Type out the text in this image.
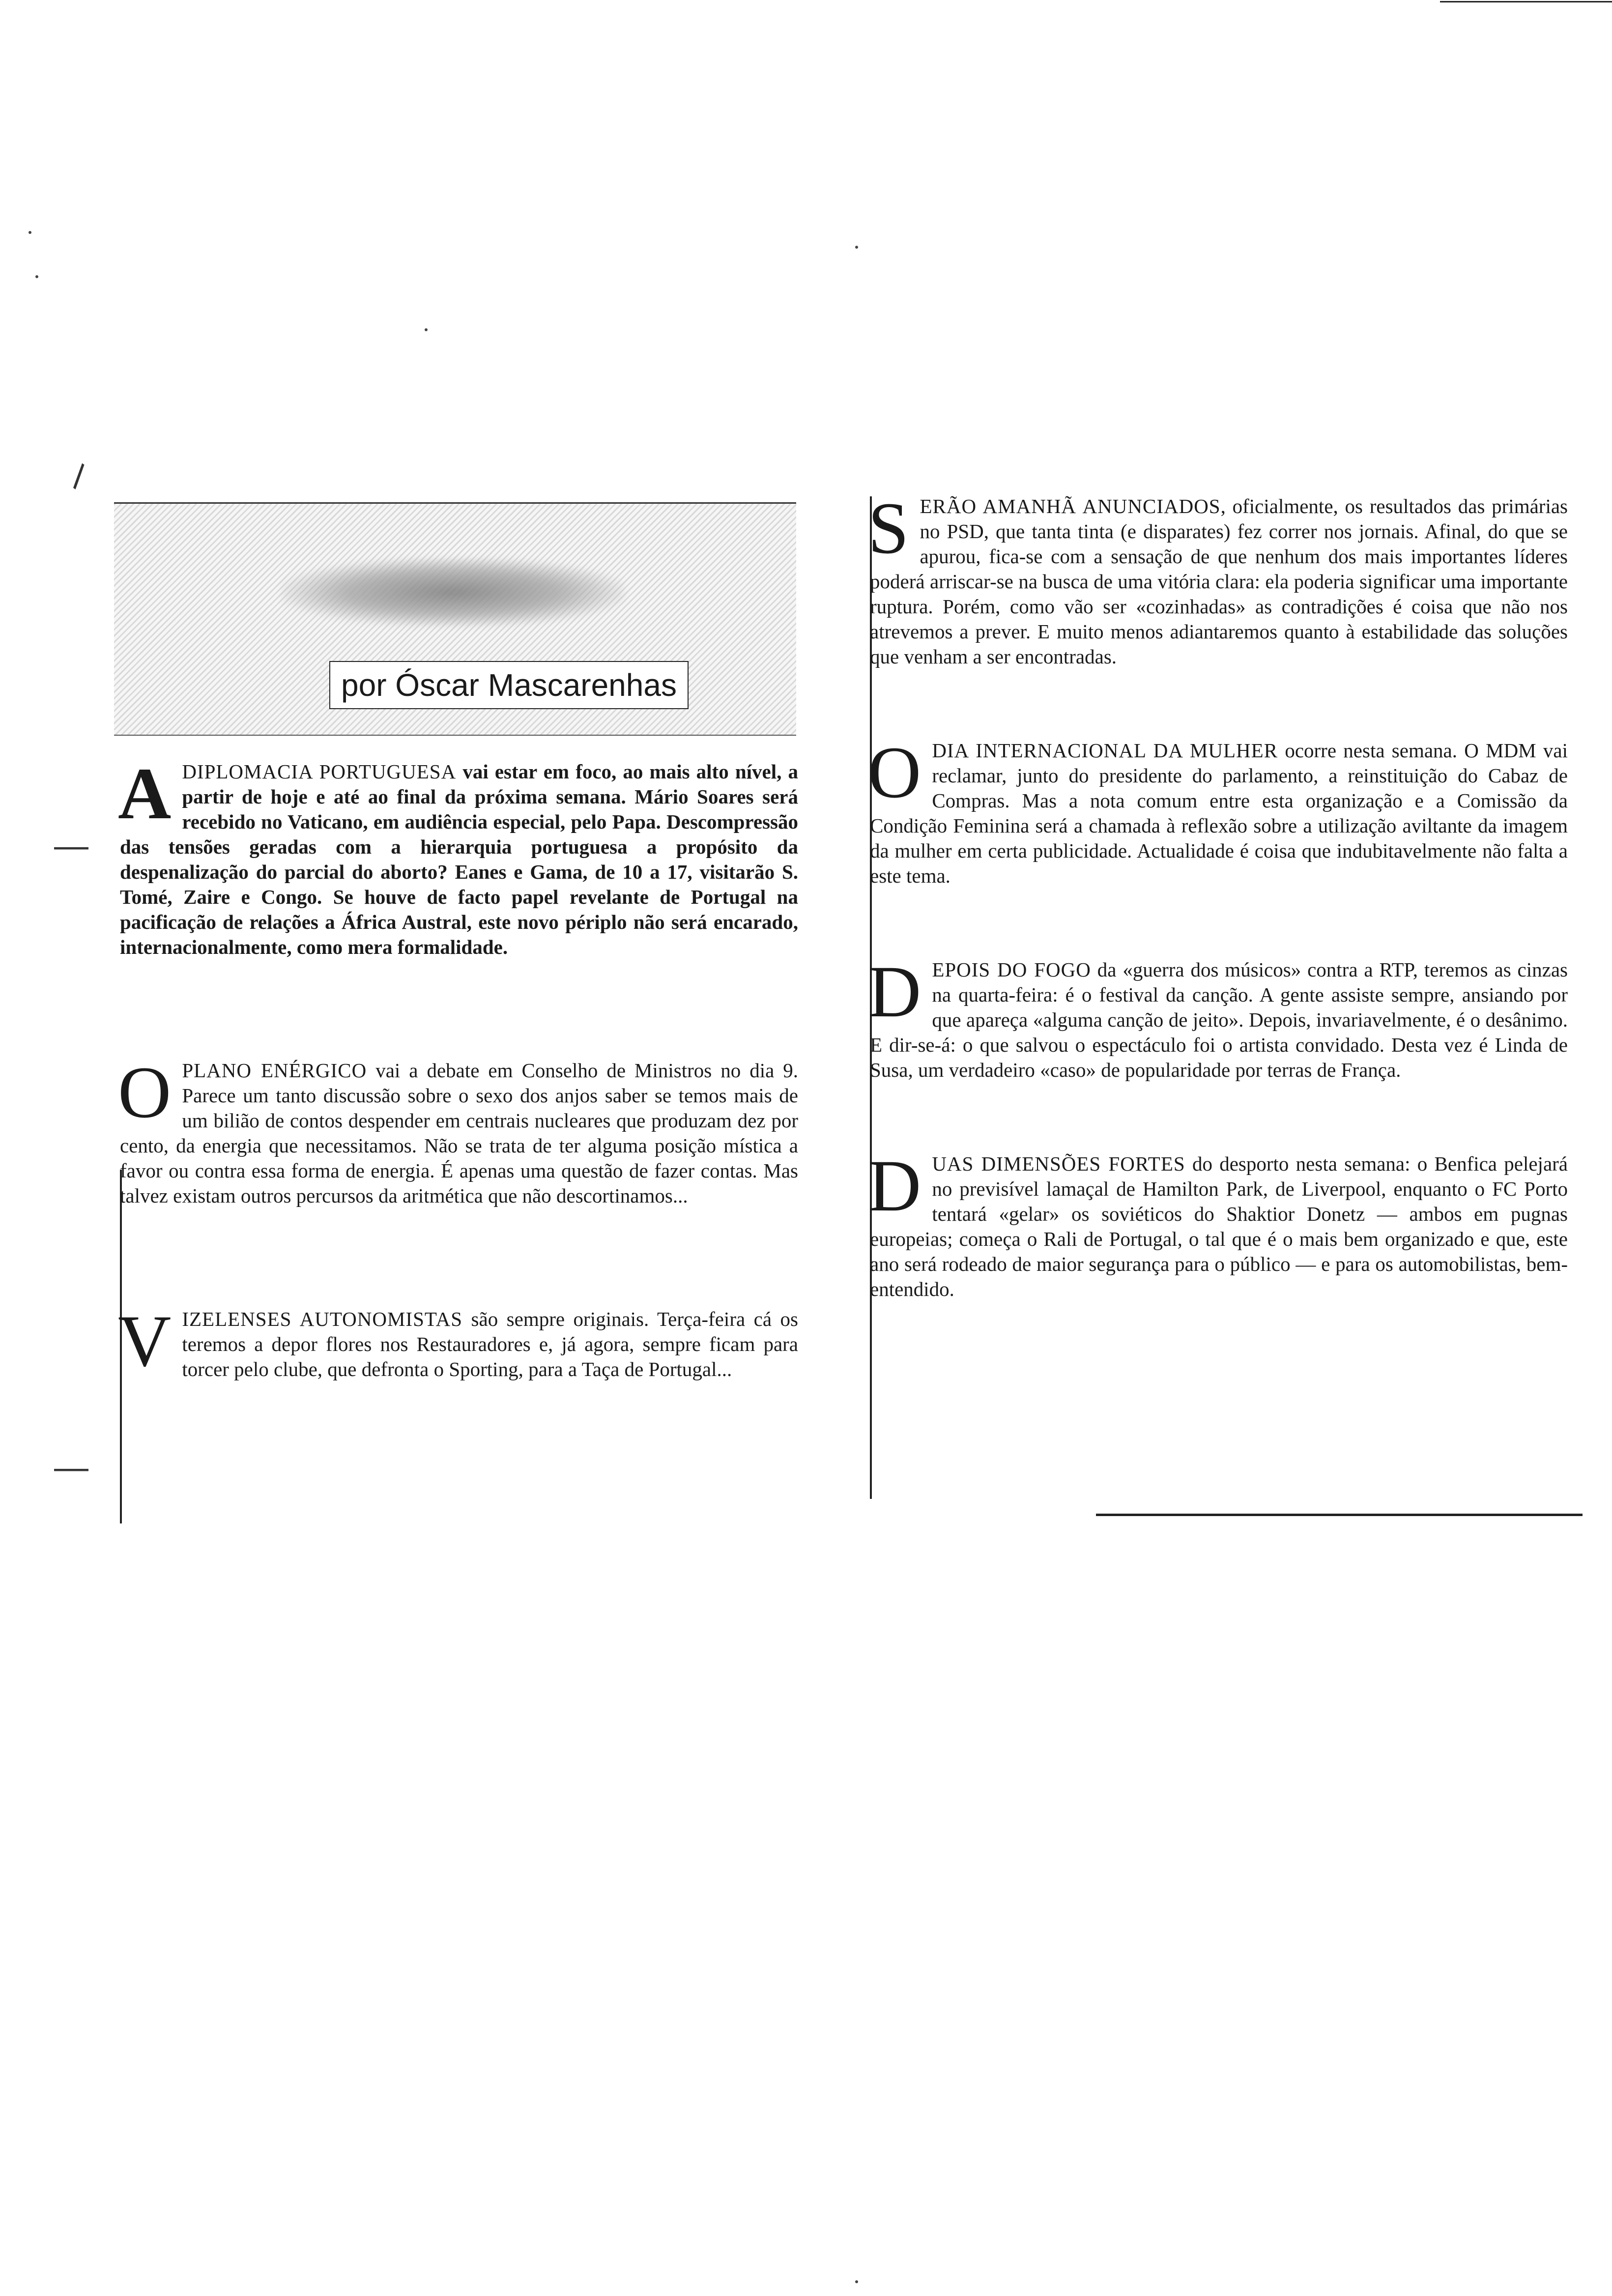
\
—
—
por Óscar Mascarenhas
A DIPLOMACIA PORTUGUESA vai estar em foco, ao mais alto nível, a partir de hoje e até ao final da próxima semana. Mário Soares será recebido no Vaticano, em audiência especial, pelo Papa. Descompressão das tensões geradas com a hierarquia portuguesa a propósito da despenalização do parcial do aborto? Eanes e Gama, de 10 a 17, visitarão S. Tomé, Zaire e Congo. Se houve de facto papel revelante de Portugal na pacificação de relações a África Austral, este novo périplo não será encarado, internacionalmente, como mera formalidade.

O PLANO ENÉRGICO vai a debate em Conselho de Ministros no dia 9. Parece um tanto discussão sobre o sexo dos anjos saber se temos mais de um bilião de contos despender em centrais nucleares que produzam dez por cento, da energia que necessitamos. Não se trata de ter alguma posição mística a favor ou contra essa forma de energia. É apenas uma questão de fazer contas. Mas talvez existam outros percursos da aritmética que não descortinamos...

V IZELENSES AUTONOMISTAS são sempre originais. Terça-feira cá os teremos a depor flores nos Restauradores e, já agora, sempre ficam para torcer pelo clube, que defronta o Sporting, para a Taça de Portugal...

S ERÃO AMANHÃ ANUNCIADOS, oficialmente, os resultados das primárias no PSD, que tanta tinta (e disparates) fez correr nos jornais. Afinal, do que se apurou, fica-se com a sensação de que nenhum dos mais importantes líderes poderá arriscar-se na busca de uma vitória clara: ela poderia significar uma importante ruptura. Porém, como vão ser «cozinhadas» as contradições é coisa que não nos atrevemos a prever. E muito menos adiantaremos quanto à estabilidade das soluções que venham a ser encontradas.

O DIA INTERNACIONAL DA MULHER ocorre nesta semana. O MDM vai reclamar, junto do presidente do parlamento, a reinstituição do Cabaz de Compras. Mas a nota comum entre esta organização e a Comissão da Condição Feminina será a chamada à reflexão sobre a utilização aviltante da imagem da mulher em certa publicidade. Actualidade é coisa que indubitavelmente não falta a este tema.

D EPOIS DO FOGO da «guerra dos músicos» contra a RTP, teremos as cinzas na quarta-feira: é o festival da canção. A gente assiste sempre, ansiando por que apareça «alguma canção de jeito». Depois, invariavelmente, é o desânimo. E dir-se-á: o que salvou o espectáculo foi o artista convidado. Desta vez é Linda de Susa, um verdadeiro «caso» de popularidade por terras de França.

D UAS DIMENSÕES FORTES do desporto nesta semana: o Benfica pelejará no previsível lamaçal de Hamilton Park, de Liverpool, enquanto o FC Porto tentará «gelar» os soviéticos do Shaktior Donetz — ambos em pugnas europeias; começa o Rali de Portugal, o tal que é o mais bem organizado e que, este ano será rodeado de maior segurança para o público — e para os automobilistas, bem-entendido.
